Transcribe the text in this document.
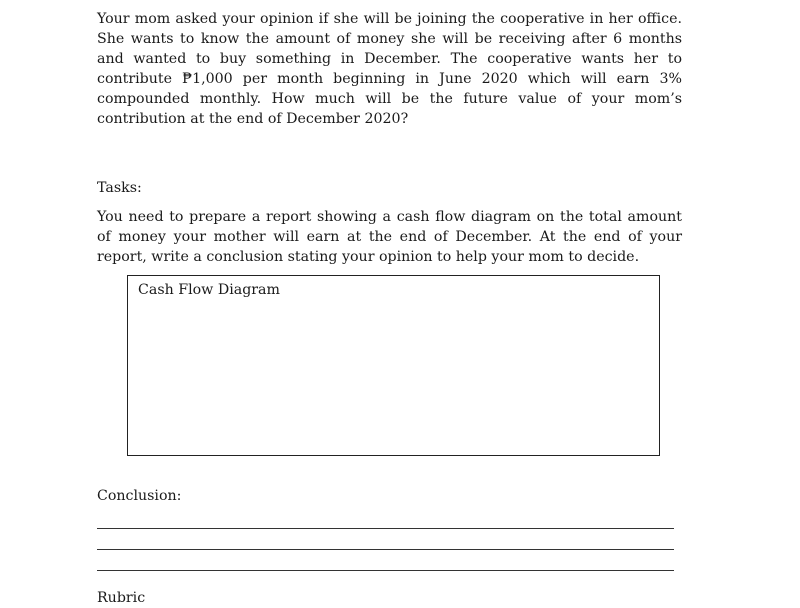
Your mom asked your opinion if she will be joining the cooperative in her office. She wants to know the amount of money she will be receiving after 6 months and wanted to buy something in December. The cooperative wants her to contribute ₱1,000 per month beginning in June 2020 which will earn 3% compounded monthly. How much will be the future value of your mom’s contribution at the end of December 2020?

Tasks:

You need to prepare a report showing a cash flow diagram on the total amount of money your mother will earn at the end of December. At the end of your report, write a conclusion stating your opinion to help your mom to decide.

Cash Flow Diagram

Conclusion:

Rubric
